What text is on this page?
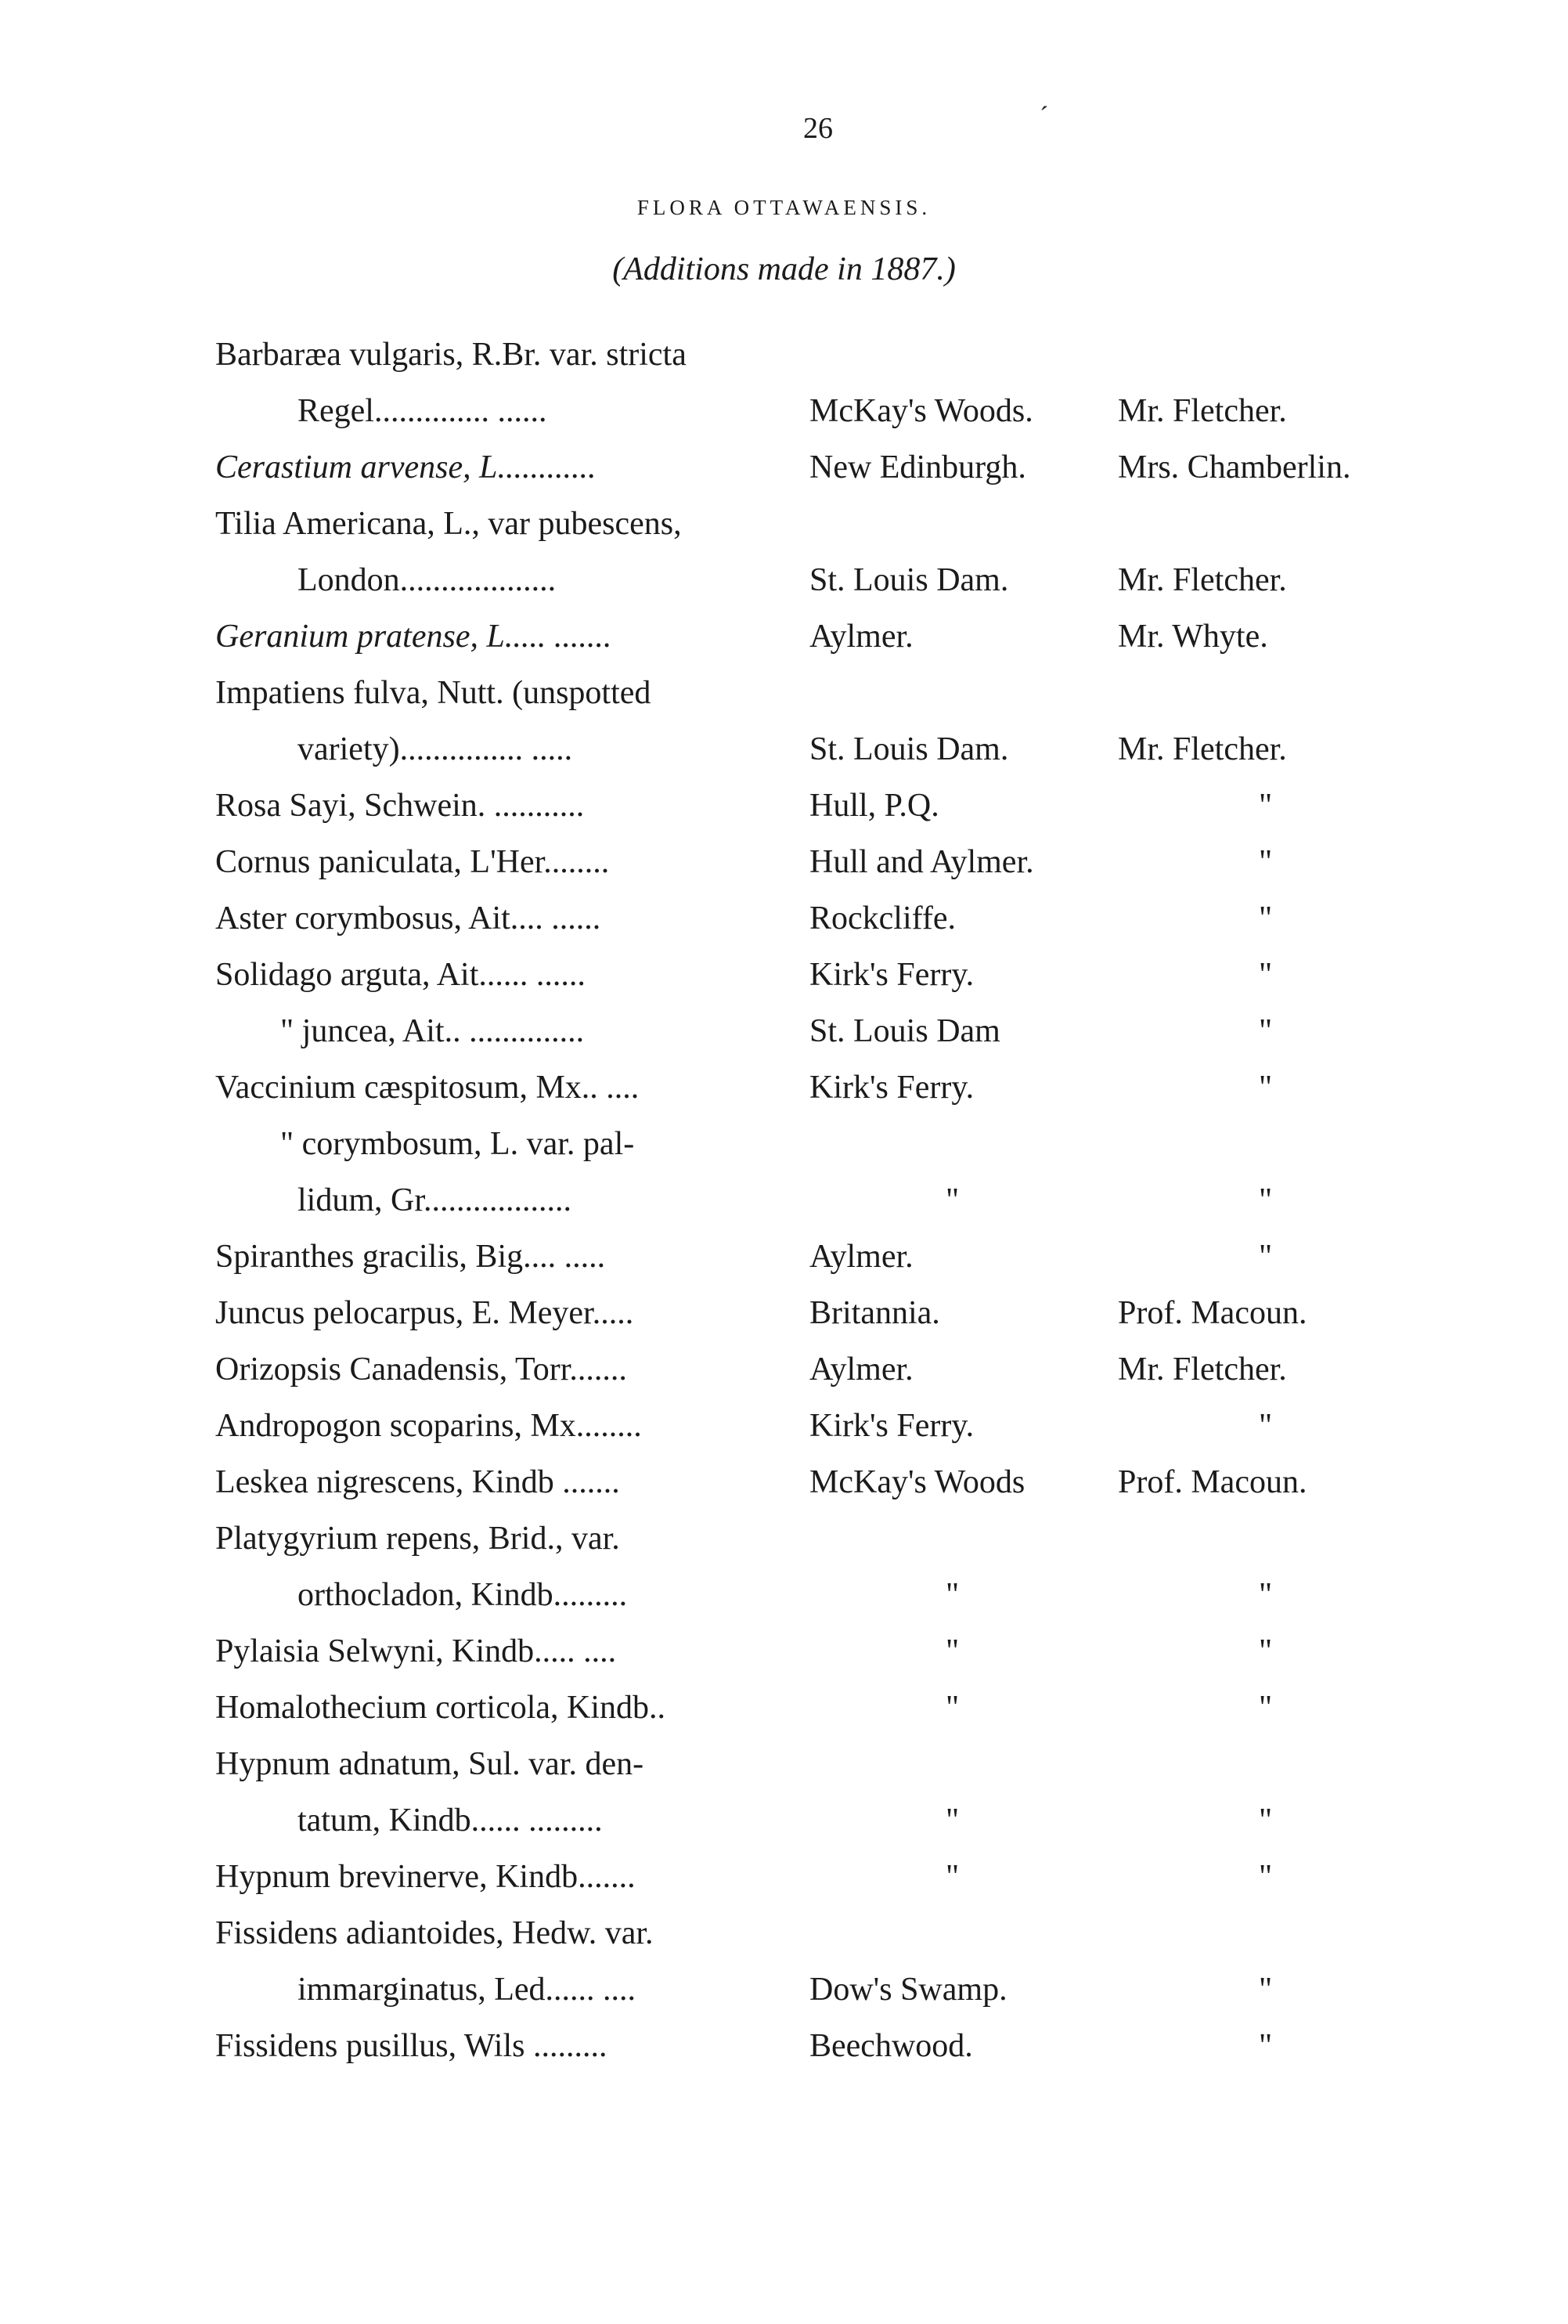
26	´
FLORA OTTAWAENSIS.
(Additions made in 1887.)
Barbaræa vulgaris, R.Br. var. stricta
Regel.............. ......	McKay's Woods.	Mr. Fletcher.
Cerastium arvense, L............	New Edinburgh.	Mrs. Chamberlin.
Tilia Americana, L., var pubescens,
London...................	St. Louis Dam.	Mr. Fletcher.
Geranium pratense, L..... .......	Aylmer.	Mr. Whyte.
Impatiens fulva, Nutt. (unspotted
variety)............... .....	St. Louis Dam.	Mr. Fletcher.
Rosa Sayi, Schwein. ...........	Hull, P.Q.	"
Cornus paniculata, L'Her........	Hull and Aylmer.	"
Aster corymbosus, Ait.... ......	Rockcliffe.	"
Solidago arguta, Ait...... ......	Kirk's Ferry.	"
" juncea, Ait.. ..............	St. Louis Dam	"
Vaccinium cæspitosum, Mx.. ....	Kirk's Ferry.	"
" corymbosum, L. var. pal-
lidum, Gr..................	"	"
Spiranthes gracilis, Big.... .....	Aylmer.	"
Juncus pelocarpus, E. Meyer.....	Britannia.	Prof. Macoun.
Orizopsis Canadensis, Torr.......	Aylmer.	Mr. Fletcher.
Andropogon scoparins, Mx........	Kirk's Ferry.	"
Leskea nigrescens, Kindb .......	McKay's Woods	Prof. Macoun.
Platygyrium repens, Brid., var.
orthocladon, Kindb.........	"	"
Pylaisia Selwyni, Kindb..... ....	"	"
Homalothecium corticola, Kindb..	"	"
Hypnum adnatum, Sul. var. den-
tatum, Kindb...... .........	"	"
Hypnum brevinerve, Kindb.......	"	"
Fissidens adiantoides, Hedw. var.
immarginatus, Led...... ....	Dow's Swamp.	"
Fissidens pusillus, Wils .........	Beechwood.	"
